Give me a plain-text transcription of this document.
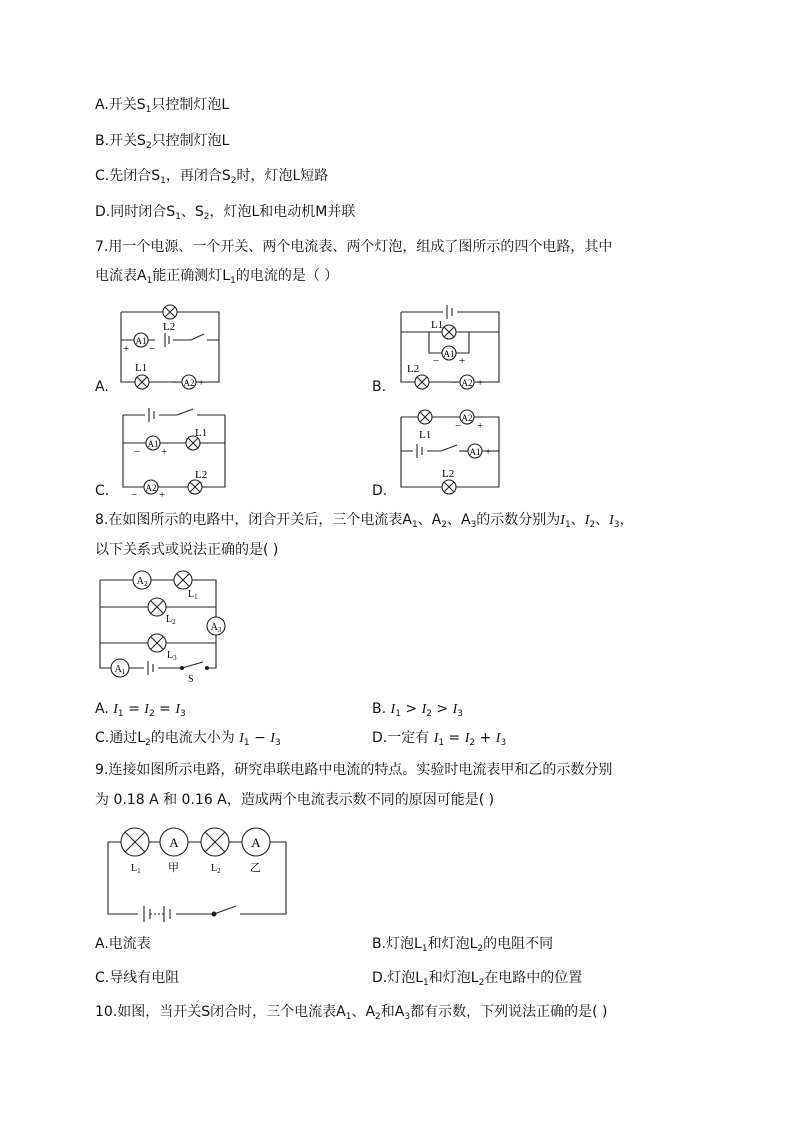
A.开关$S_1$只控制灯泡L
B.开关$S_2$只控制灯泡L
C.先闭合$S_1$，再闭合$S_2$时，灯泡L短路
D.同时闭合$S_1$、$S_2$，灯泡L和电动机M并联
7.用一个电源、一个开关、两个电流表、两个灯泡，组成了图所示的四个电路，其中
电流表$A_1$能正确测灯$L_1$的电流的是（ ）
A.	B.
C.	D.
A1
A2
L2
L1
+ −
− +
A1
A2
L1
L2
− +
− +
A1
A2
L1
L2
− +
− +
A2
A1
L1
L2
− +
− +
8.在如图所示的电路中，闭合开关后，三个电流表$A_1$、$A_2$、$A_3$的示数分别为$I_1$、$I_2$、$I_3$，
以下关系式或说法正确的是( )
$A_2$
$A_3$
$A_1$
$L_1$
$L_2$
$L_3$
S
A. $I_1 = I_2 = I_3$	B. $I_1 > I_2 > I_3$
C.通过$L_2$的电流大小为 $I_1 - I_3$	D.一定有 $I_1 = I_2 + I_3$
9.连接如图所示电路，研究串联电路中电流的特点。实验时电流表甲和乙的示数分别
为 0.18 A 和 0.16 A，造成两个电流表示数不同的原因可能是( )
A	A
$L_1$ 甲	$L_2$	乙
A.电流表	B.灯泡$L_1$和灯泡$L_2$的电阻不同
C.导线有电阻	D.灯泡$L_1$和灯泡$L_2$在电路中的位置
10.如图，当开关S闭合时，三个电流表$A_1$、$A_2$和$A_3$都有示数，下列说法正确的是( )
